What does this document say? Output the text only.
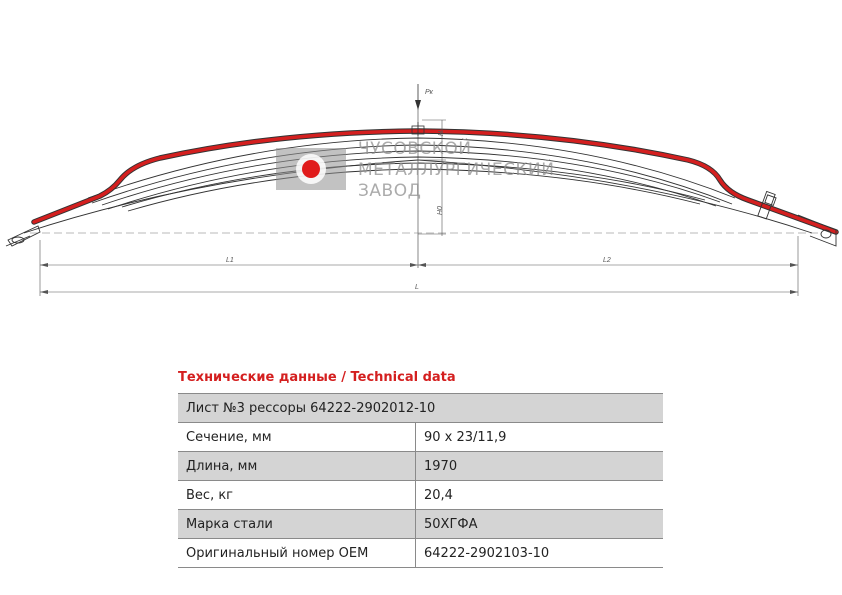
Pк
H
H0
L1	L2
L
ЧУСОВСКОЙ
МЕТАЛЛУРГИЧЕСКИЙ
ЗАВОД
Технические данные / Technical data
Лист №3 рессоры 64222-2902012-10	
Сечение, мм	90 х 23/11,9
Длина, мм	1970
Вес, кг	20,4
Марка стали	50ХГФА
Оригинальный номер OEM	64222-2902103-10
